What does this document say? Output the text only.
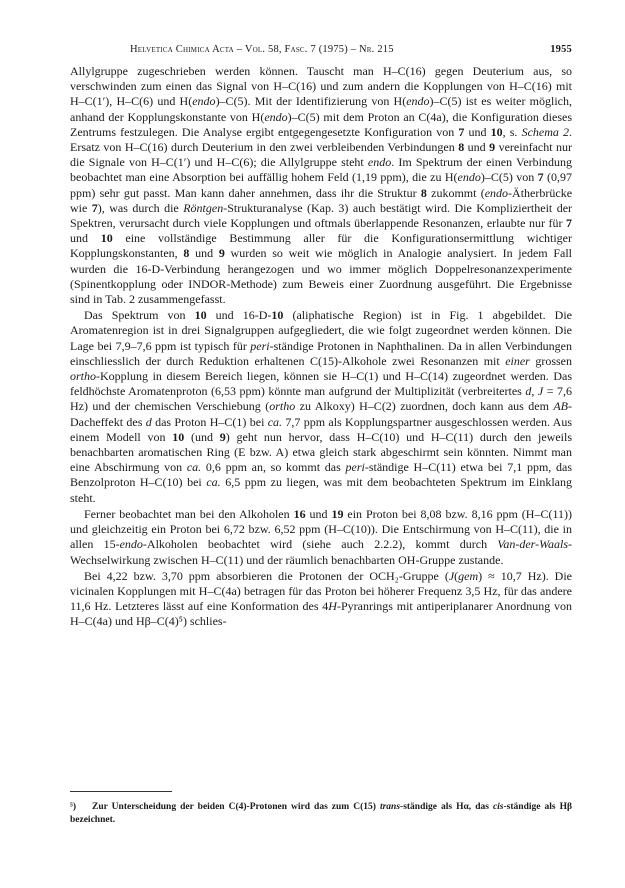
Helvetica Chimica Acta – Vol. 58, Fasc. 7 (1975) – Nr. 215	1955

Allylgruppe zugeschrieben werden können. Tauscht man H–C(16) gegen Deuterium aus, so verschwinden zum einen das Signal von H–C(16) und zum andern die Kopplungen von H–C(16) mit H–C(1′), H–C(6) und H(endo)–C(5). Mit der Identifizierung von H(endo)–C(5) ist es weiter möglich, anhand der Kopplungskonstante von H(endo)–C(5) mit dem Proton an C(4a), die Konfiguration dieses Zentrums festzulegen. Die Analyse ergibt entgegengesetzte Konfiguration von 7 und 10, s. Schema 2. Ersatz von H–C(16) durch Deuterium in den zwei verbleibenden Verbindungen 8 und 9 vereinfacht nur die Signale von H–C(1′) und H–C(6); die Allylgruppe steht endo. Im Spektrum der einen Verbindung beobachtet man eine Absorption bei auffällig hohem Feld (1,19 ppm), die zu H(endo)–C(5) von 7 (0,97 ppm) sehr gut passt. Man kann daher annehmen, dass ihr die Struktur 8 zukommt (endo-Ätherbrücke wie 7), was durch die Röntgen-Strukturanalyse (Kap. 3) auch bestätigt wird. Die Kompliziertheit der Spektren, verursacht durch viele Kopplungen und oftmals überlappende Resonanzen, erlaubte nur für 7 und 10 eine vollständige Bestimmung aller für die Konfigurationsermittlung wichtiger Kopplungskonstanten, 8 und 9 wurden so weit wie möglich in Analogie analysiert. In jedem Fall wurden die 16-D-Verbindung herangezogen und wo immer möglich Doppelresonanzexperimente (Spinentkopplung oder INDOR-Methode) zum Beweis einer Zuordnung ausgeführt. Die Ergebnisse sind in Tab. 2 zusammengefasst.

Das Spektrum von 10 und 16-D-10 (aliphatische Region) ist in Fig. 1 abgebildet. Die Aromatenregion ist in drei Signalgruppen aufgegliedert, die wie folgt zugeordnet werden können. Die Lage bei 7,9–7,6 ppm ist typisch für peri-ständige Protonen in Naphthalinen. Da in allen Verbindungen einschliesslich der durch Reduktion erhaltenen C(15)-Alkohole zwei Resonanzen mit einer grossen ortho-Kopplung in diesem Bereich liegen, können sie H–C(1) und H–C(14) zugeordnet werden. Das feldhöchste Aromatenproton (6,53 ppm) könnte man aufgrund der Multiplizität (verbreitertes d, J = 7,6 Hz) und der chemischen Verschiebung (ortho zu Alkoxy) H–C(2) zuordnen, doch kann aus dem AB-Dacheffekt des d das Proton H–C(1) bei ca. 7,7 ppm als Kopplungspartner ausgeschlossen werden. Aus einem Modell von 10 (und 9) geht nun hervor, dass H–C(10) und H–C(11) durch den jeweils benachbarten aromatischen Ring (E bzw. A) etwa gleich stark abgeschirmt sein könnten. Nimmt man eine Abschirmung von ca. 0,6 ppm an, so kommt das peri-ständige H–C(11) etwa bei 7,1 ppm, das Benzolproton H–C(10) bei ca. 6,5 ppm zu liegen, was mit dem beobachteten Spektrum im Einklang steht.

Ferner beobachtet man bei den Alkoholen 16 und 19 ein Proton bei 8,08 bzw. 8,16 ppm (H–C(11)) und gleichzeitig ein Proton bei 6,72 bzw. 6,52 ppm (H–C(10)). Die Entschirmung von H–C(11), die in allen 15-endo-Alkoholen beobachtet wird (siehe auch 2.2.2), kommt durch Van-der-Waals-Wechselwirkung zwischen H–C(11) und der räumlich benachbarten OH-Gruppe zustande.

Bei 4,22 bzw. 3,70 ppm absorbieren die Protonen der OCH₂-Gruppe (J(gem) ≈ 10,7 Hz). Die vicinalen Kopplungen mit H–C(4a) betragen für das Proton bei höherer Frequenz 3,5 Hz, für das andere 11,6 Hz. Letzteres lässt auf eine Konformation des 4H-Pyranrings mit antiperiplanarer Anordnung von H–C(4a) und Hβ–C(4)⁵) schlies-

⁵) Zur Unterscheidung der beiden C(4)-Protonen wird das zum C(15) trans-ständige als Hα, das cis-ständige als Hβ bezeichnet.
